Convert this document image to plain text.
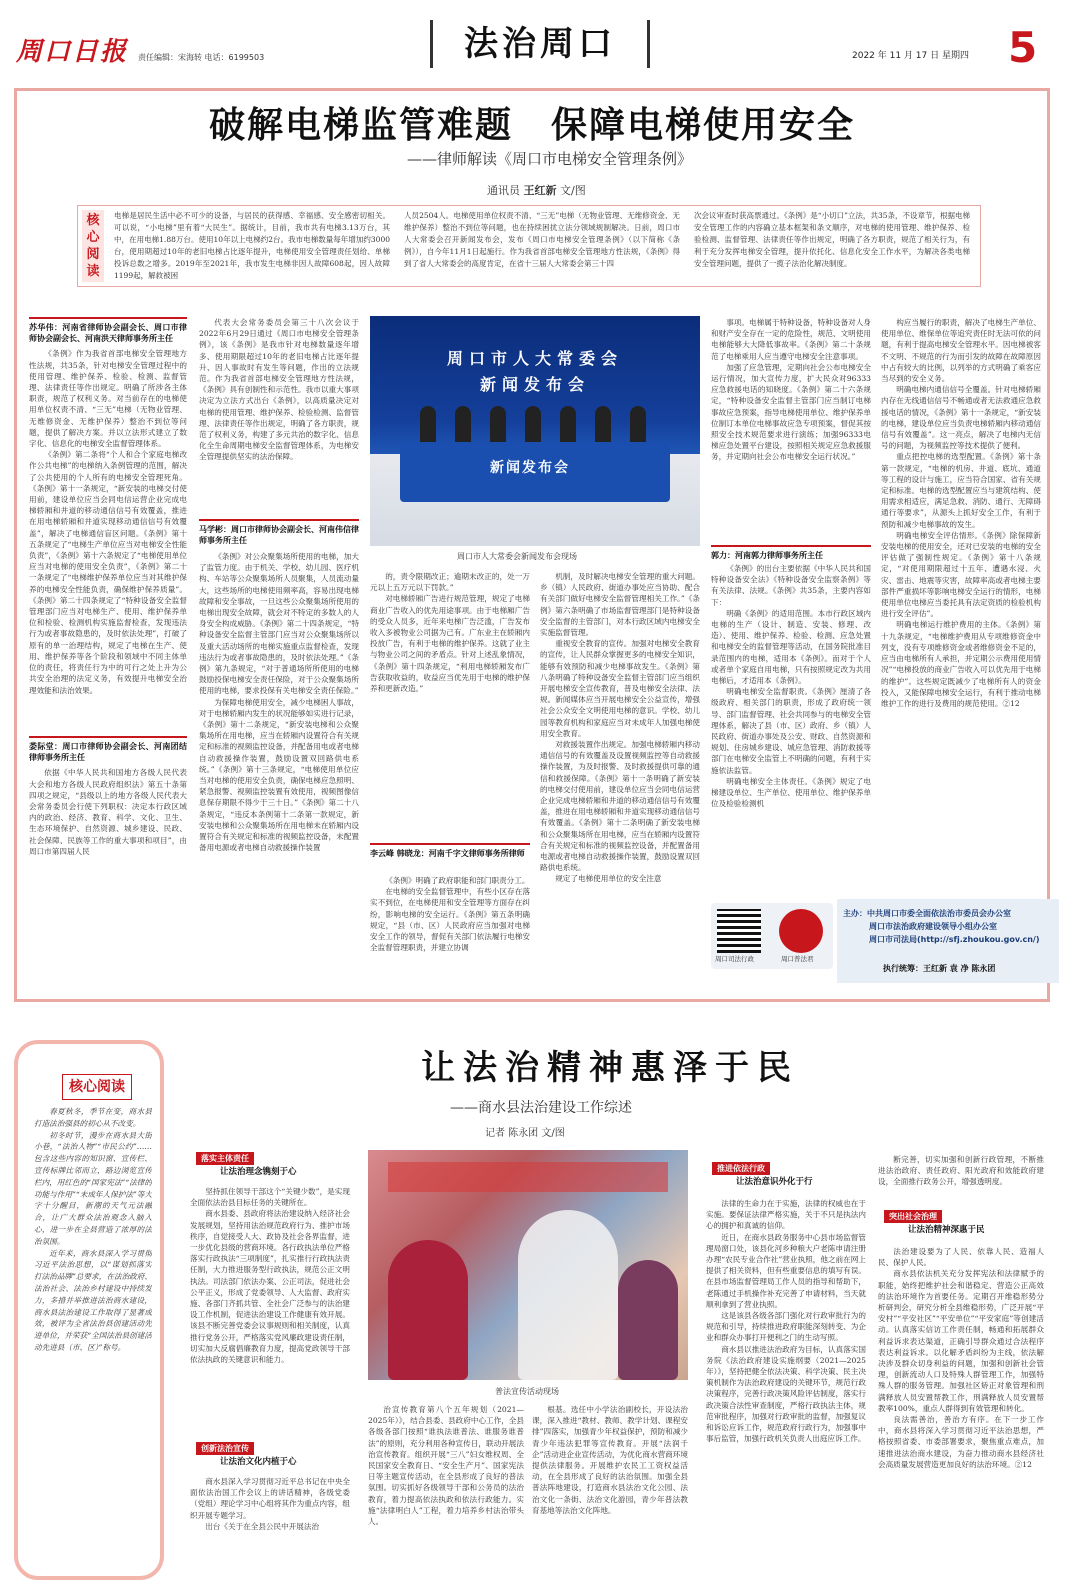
周口日报 责任编辑：宋海转 电话：6199503	法治周口	2022 年 11 月 17 日 星期四 5
破解电梯监管难题　保障电梯使用安全
——律师解读《周口市电梯安全管理条例》
通讯员 王红新 文/图
核心阅读
电梯是居民生活中必不可少的设备，与居民的获得感、幸福感、安全感密切相关。可以说，“小电梯”里有着“大民生”。据统计，目前，我市共有电梯3.13万台，其中，在用电梯1.88万台。使用10年以上电梯约2台。我市电梯数量每年增加约3000台，使用期超过10年的老旧电梯占比逐年提升，电梯使用安全管理责任划给、单梯投诉总数之增多。2019年至2021年，我市发生电梯非因人故障608起，因人故障1199起，解救被困
人员2504人。电梯使用单位权责不清、“三无”电梯（无物业管理、无维修资金、无维护保养）整治不到位等问题，也在持续困扰立法分领域规制解决。日前，周口市人大常委会召开新闻发布会，发布《周口市电梯安全管理条例》（以下简称《条例》），自今年11月1日起施行。作为我省首部电梯安全管理地方性法规，《条例》得到了省人大常委会的高度肯定，在省十三届人大常委会第三十四
次会议审查时获高票通过。《条例》是“小切口”立法，共35条，不设章节，根据电梯安全管理工作的内容确立基本框架和条文顺序，对电梯的使用管理、维护保养、检验检测、监督管理、法律责任等作出规定，明确了各方职责，规范了相关行为，有利于充分发挥电梯安全管理，提升依托化、信息化安全工作水平，为解决各类电梯安全管理问题，提供了一揽子法治化解决制度。

苏华伟：河南省律师协会副会长、周口市律师协会副会长、河南洪天律师事务所主任

《条例》作为我省首部电梯安全管理地方性法规，共35条，针对电梯安全管理过程中的使用管理、维护保养、检验、检测、监督管理、法律责任等作出规定。明确了所涉各主体职责，规范了权利义务。对当前存在的电梯使用单位权责不清、“三无”电梯（无物业管理、无维修资金、无维护保养）整治不到位等问题，提供了解决方案。并以立法形式建立了数字化、信息化的电梯安全监督管理体系。

《条例》第二条将“个人和合个家庭电梯改作公共电梯”的电梯纳入条例管理的范围，解决了公共使用的个人所有的电梯安全管理死角。《条例》第十一条规定，“新安装的电梯交付使用前，建设单位应当会同电信运营企业完成电梯轿厢和井道的移动通信信号有效覆盖，推进在用电梯轿厢和井道实现移动通信信号有效覆盖”，解决了电梯通信盲区问题。《条例》第十五条规定了“电梯生产单位应当对电梯安全性能负责”，《条例》第十六条规定了“电梯使用单位应当对电梯的使用安全负责”，《条例》第二十一条规定了“电梯维护保养单位应当对其维护保养的电梯安全性能负责，确保维护保养质量”。《条例》第二十四条规定了“特种设备安全监督管理部门应当对电梯生产、使用、维护保养单位和检验、检测机构实施监督检查，发现违法行为或者事故隐患的，及时依法处理”，打破了原有的单一治理结构，规定了电梯在生产、使用、维护保养等各个阶段和领域中不同主体单位的责任，将责任行为中的可行之处上升为公共安全治理的法定义务，有效提升电梯安全治理效能和法治效果。

娄际堂：周口市律师协会副会长、河南团结律师事务所主任

依据《中华人民共和国地方各级人民代表大会和地方各级人民政府组织法》第五十条第四项之规定，“县级以上的地方各级人民代表大会常务委员会行使下列职权：决定本行政区域内的政治、经济、教育、科学、文化、卫生、生态环境保护、自然资源、城乡建设、民政、社会保障、民族等工作的重大事项和项目”，由周口市第四届人民

代表大会常务委员会第三十八次会议于2022年6月29日通过《周口市电梯安全管理条例》，该《条例》是我市针对电梯数量逐年增多、使用期限超过10年的老旧电梯占比逐年提升、因人事故时有发生等问题，作出的立法规范。作为我省首部电梯安全管理地方性法规，《条例》具有创制性和示范性。我市以重大事项决定为立法方式出台《条例》，以高质量决定对电梯的使用管理、维护保养、检验检测、监督管理、法律责任等作出规定，明确了各方职责，规范了权利义务，构建了多元共治的数字化、信息化全生命周期电梯安全监督管理体系，为电梯安全管理提供坚实的法治保障。

马学彬：周口市律师协会副会长、河南伟信律师事务所主任

《条例》对公众聚集场所使用的电梯，加大了监管力度。由于机关、学校、幼儿园、医疗机构、车站等公众聚集场所人员聚集，人员流动量大，这些场所的电梯使用频率高，容易出现电梯故障和安全事故，一旦这些公众聚集场所使用的电梯出现安全故障，就会对不特定的多数人的人身安全构成威胁。《条例》第二十四条规定，“特种设备安全监督主管部门应当对公众聚集场所以及重大活动场所的电梯实施重点监督检查，发现违法行为或者事故隐患的，及时依法处理。”《条例》第九条规定，“对于普通场所所使用的电梯鼓励投保电梯安全责任保险，对于公众聚集场所使用的电梯，要求投保有关电梯安全责任保险。”

为保障电梯使用安全，减少电梯困人事故，对于电梯轿厢内发生的状况能够如实进行记录，《条例》第十二条规定，“新安装电梯和公众聚集场所在用电梯，应当在轿厢内设置符合有关规定和标准的视频监控设备，并配备用电或者电梯自动救援操作装置，鼓励设置双回路供电系统。”《条例》第十三条规定，“电梯使用单位应当对电梯的使用安全负责，确保电梯应急照明、紧急报警、视频监控装置有效使用，视频图像信息保存期限不得少于三十日。”《条例》第二十八条规定，“违反本条例第十二条第一款规定，新安装电梯和公众聚集场所在用电梯未在轿厢内设置符合有关规定和标准的视频监控设备，未配置备用电源或者电梯自动救援操作装置

周口市人大常委会新闻发布会
新闻发布会
周口市人大常委会新闻发布会现场

的，责令限期改正；逾期未改正的，处一万元以上五万元以下罚款。”

对电梯轿厢广告进行规范管理，规定了电梯商业广告收入的优先用途事项。由于电梯厢广告的受众人员多，近年来电梯广告泛滥，广告发布收入多被物业公司据为己有。广东业主在轿厢内投放广告，有利于电梯的维护保养。这就了业主与物业公司之间的矛盾点。针对上述乱象情况，《条例》第十四条规定，“利用电梯轿厢发布广告获取收益的，收益应当优先用于电梯的维护保养和更新改造。”

李云峰 韩晓龙：河南千字文律师事务所律师

《条例》明确了政府职能和部门职责分工。

在电梯的安全监督管理中，有些小区存在落实不到位，在电梯使用和安全管理等方面存在纠纷，影响电梯的安全运行。《条例》第五条明确规定，“县（市、区）人民政府应当加强对电梯安全工作的领导，督促有关部门依法履行电梯安全监督管理职责，并建立协调

机制，及时解决电梯安全管理的重大问题。乡（镇）人民政府、街道办事处应当协助、配合有关部门做好电梯安全监督管理相关工作。”《条例》第六条明确了市场监督管理部门是特种设备安全监督的主管部门，对本行政区域内电梯安全实施监督管理。

重视安全教育的宣传。加强对电梯安全教育的宣传，让人民群众掌握更多的电梯安全知识，能够有效预防和减少电梯事故发生。《条例》第八条明确了特种设备安全监督主管部门应当组织开展电梯安全宣传教育，普及电梯安全法律、法规。新闻媒体应当开展电梯安全公益宣传，增强社会公众安全文明使用电梯的意识。学校、幼儿园等教育机构和家庭应当对未成年人加强电梯使用安全教育。

对救援装置作出规定。加强电梯轿厢内移动通信信号的有效覆盖及设置视频监控等自动救援操作装置，为及时报警、及时救援提供可靠的通信和救援保障。《条例》第十一条明确了新安装的电梯交付使用前，建设单位应当会同电信运营企业完成电梯轿厢和井道的移动通信信号有效覆盖，推进在用电梯轿厢和井道实现移动通信信号有效覆盖。《条例》第十二条明确了新安装电梯和公众聚集场所在用电梯，应当在轿厢内设置符合有关规定和标准的视频监控设备，并配置备用电源或者电梯自动救援操作装置，鼓励设置双回路供电系统。

规定了电梯使用单位的安全注意

事项。电梯属于特种设备，特种设备对人身和财产安全存在一定的危险性，规范、文明使用电梯能够大大降低事故率。《条例》第二十条规范了电梯乘用人应当遵守电梯安全注意事项。

加强了应急管理，定期向社会公布电梯安全运行情况，加大宣传力度，扩大民众对96333应急救援电话的知晓度。《条例》第二十六条规定，“特种设备安全监督主管部门应当制订电梯事故应急预案，指导电梯使用单位、维护保养单位制订本单位电梯事故应急专项预案，督促其按照安全技术规范要求进行演练；加强96333电梯应急处置平台建设，按照相关规定应急救援服务，并定期向社会公布电梯安全运行状况。”

郭力：河南郭力律师事务所主任

《条例》的出台主要依据《中华人民共和国特种设备安全法》《特种设备安全监察条例》等有关法律、法规。《条例》共35条，主要内容如下：

明确《条例》的适用范围。本市行政区域内电梯的生产（设计、制造、安装、修理、改造）、使用、维护保养、检验、检测、应急处置和电梯安全的监督管理等活动，在国务院批准目录范围内的电梯，适用本《条例》。而对于个人或者单个家庭自用电梯，只有按照规定改为共用电梯后，才适用本《条例》。

明确电梯安全监督职责。《条例》厘清了各级政府、相关部门的职责，形成了政府统一领导、部门监督管理、社会共同参与的电梯安全管理体系，解决了县（市、区）政府、乡（镇）人民政府、街道办事处及公安、财政、自然资源和规划、住房城乡建设、城应急管理、消防救援等部门在电梯安全监管上不明确的问题，有利于实施依法监管。

明确电梯安全主体责任。《条例》规定了电梯建设单位、生产单位、使用单位、维护保养单位及检验检测机

构应当履行的职责，解决了电梯生产单位、使用单位、维保单位等追究责任时无法可依的问题，有利于提高电梯安全管理水平。因电梯被客不文明、不规范的行为而引发的故障在故障原因中占有较大的比例，以列举的方式明确了乘客应当尽到的安全义务。

明确电梯内通信信号全覆盖。针对电梯轿厢内存在无线通信信号不畅通或者无法救通应急救援电话的情况，《条例》第十一条规定，“新安装的电梯，建设单位应当负责电梯轿厢内移动通信信号有效覆盖”。这一亮点，解决了电梯内无信号的问题，为视频监控等技术提供了便利。

重点把控电梯的选型配置。《条例》第十条第一款规定，“电梯的机房、井道、底坑、通道等工程的设计与施工，应当符合国家、省有关规定和标准。电梯的选型配置应当与建筑结构、使用需求相适应，满足急救、消防、通行、无障碍通行等要求”，从源头上抓好安全工作，有利于预防和减少电梯事故的发生。

明确电梯安全评估情形。《条例》除保障新安装电梯的使用安全，还对已安装的电梯的安全评估做了强制性规定。《条例》第十八条规定，“对使用期限超过十五年、遭遇水浸、火灾、雷击、地震等灾害，故障率高或者电梯主要部件严重损坏等影响电梯安全运行的情形，电梯使用单位电梯应当委托具有法定资质的检验机构进行安全评估”。

明确电梯运行维护费用的主体。《条例》第十九条规定，“电梯维护费用从专项维修资金中列支，没有专项维修资金或者维修资金不足的，应当由电梯所有人承担，并定期公示费用使用情况”“电梯投放的商业广告收入可以优先用于电梯的维护”。这些规定既减少了电梯所有人的资金投入，又能保障电梯安全运行，有利于推动电梯维护工作的进行及费用的规范使用。②12

周口司法行政	周口普法君
主办：中共周口市委全面依法治市委员会办公室
周口市法治政府建设领导小组办公室
周口市司法局(http://sfj.zhoukou.gov.cn/)
执行统筹：王红新 袁 净 陈永团
核心阅读

春夏秋冬，季节在变，商水县打造法治强县的初心从不改变。

初冬时节，漫步在商水县大街小巷，“法治人物”“市民公约”……包含这些内容的知识窗、宣传栏、宣传标牌比邻而立，路边浏览宣传栏内，用红色的“国家宪法”“法律的功能与作用”“未成年人保护法”等大字十分醒目，新潮的天气元法融合，让广大群众法治观念入脑入心，进一步在全县营造了浓厚的法治氛围。

近年来，商水县深入学习贯彻习近平法治思想，以“谋划抓落实 打法治品牌”总要求，在法治政府、法治社会、法治乡村建设中持续发力，多措并举推进法治商水建设，商水县法治建设工作取得了显著成效，被评为全省法治县创建活动先进单位，并荣获“全国法治县创建活动先进县（市、区）”称号。

让法治精神惠泽于民
——商水县法治建设工作综述
记者 陈永团 文/图
落实主体责任
让法治理念镌刻于心

坚持抓住领导干部这个“关键少数”，是实现全面依法治县目标任务的关键所在。

商水县委、县政府将法治建设纳入经济社会发展规划，坚持用法治规范政府行为、推护市场秩序，自觉接受人大、政协及社会各界监督，进一步优化县级的营商环境。各行政执法单位严格落实行政执法“三项制度”，扎实推行行政执法责任制，大力推进服务型行政执法，规范公正文明执法。司法部门依法办案、公正司法，促进社会公平正义，形成了党委领导、人大监督、政府实施、各部门齐抓共管、全社会广泛参与的法治建设工作机制，促进法治建设工作健康有效开展。该县不断完善党委会议事规则和相关制度，认真推行党务公开，严格落实党风廉政建设责任制，切实加大反腐倡廉教育力度，提高党政领导干部依法执政的关键意识和能力。

创新法治宣传
让法治文化内植于心

商水县深入学习贯彻习近平总书记在中央全面依法治国工作会议上的讲话精神，各级党委（党组）理论学习中心组将其作为重点内容，组织开展专题学习。

出台《关于在全县公民中开展法治

普法宣传活动现场

治宣传教育第八个五年规划（2021—2025年）》，结合县委、县政府中心工作，全县各级各部门按照“谁执法谁普法、谁服务谁普法”的原则，充分利用各种宣传日，联动开展法治宣传教育。组织开展“三八”妇女维权周、全民国家安全教育日、“安全生产月”、国家宪法日等主题宣传活动，在全县形成了良好的普法氛围。切实抓好各级领导干部和公务员的法治教育，着力提高依法执政和依法行政能力。实施“法律明白人”工程，着力培养乡村法治带头人。

根基。选任中小学法治副校长，开设法治课，深入推进“教材、教师、教学计划、课程安排”四落实，加强青少年权益保护，预防和减少青少年违法犯罪等宣传教育。开展“法润千企”活动进企业宣传活动，为优化商水营商环境提供法律服务。开展维护农民工工资权益活动，在全县形成了良好的法治氛围。加强全县普法阵地建设，打造商水县法治文化公园、法治文化一条街、法治文化游园，青少年普法教育基地等法治文化阵地。

推进依法行政
让法治意识外化于行

法律的生命力在于实施，法律的权威也在于实施。要保证法律严格实施，关于不只是执法内心的拥护和真诚的信仰。

近日，在商水县政务服务中心县市场监督管理局窗口处，该县化河乡种粮大户老陈申请注册办理“农民专业合作社”营业执照，他之前在网上提供了相关资料，但有些重要信息的填写有误。在县市场监督管理局工作人员的指导和帮助下，老陈通过手机操作补充完善了申请材料，当天就顺利拿到了营业执照。

这是该县各级各部门强化对行政审批行为的规范和引导，持续推进政府职能深刻转变、为企业和群众办事打开便利之门的生动写照。

商水县以推进法治政府为目标，认真落实国务院《法治政府建设实施纲要（2021—2025年）》，坚持把健全依法决策、科学决策、民主决策机制作为法治政府建设的关键环节，规范行政决策程序，完善行政决策风险评估制度，落实行政决策合法性审查制度，严格行政执法主体，规范审批程序，加强对行政审批的监督，加强复议和诉讼应诉工作，规范政府行政行为，加强事中事后监管，加强行政机关负责人出庭应诉工作。

断完善，切实加强和创新行政管理，不断推进法治政府、责任政府、阳光政府和效能政府建设，全面推行政务公开，增强透明度。

突出社会治理
让法治精神深惠于民

法治建设要为了人民、依靠人民、造福人民、保护人民。

商水县依法机关充分发挥宪法和法律赋予的职能，始终把维护社会和谐稳定、营造公正高效的法治环境作为首要任务。定期召开维稳形势分析研判会，研究分析全县维稳形势，广泛开展“平安村”“平安社区”“平安单位”“平安家庭”等创建活动。认真落实信访工作责任制，畅通和拓展群众利益诉求表达渠道，正确引导群众通过合法程序表达利益诉求。以化解矛盾纠纷为主线，依法解决涉及群众切身利益的问题，加强和创新社会管理，创新流动人口及特殊人群管理工作，加强特殊人群的服务管理。加强社区矫正对象管理和刑满释放人员安置帮教工作，刑满释放人员安置帮教率100%，重点人群得到有效管理和转化。

良法需善治，善治方有序。在下一步工作中，商水县将深入学习贯彻习近平法治思想，严格按照省委、市委部署要求，聚焦重点难点，加速推进法治商水建设，为奋力推动商水县经济社会高质量发展营造更加良好的法治环境。②12
